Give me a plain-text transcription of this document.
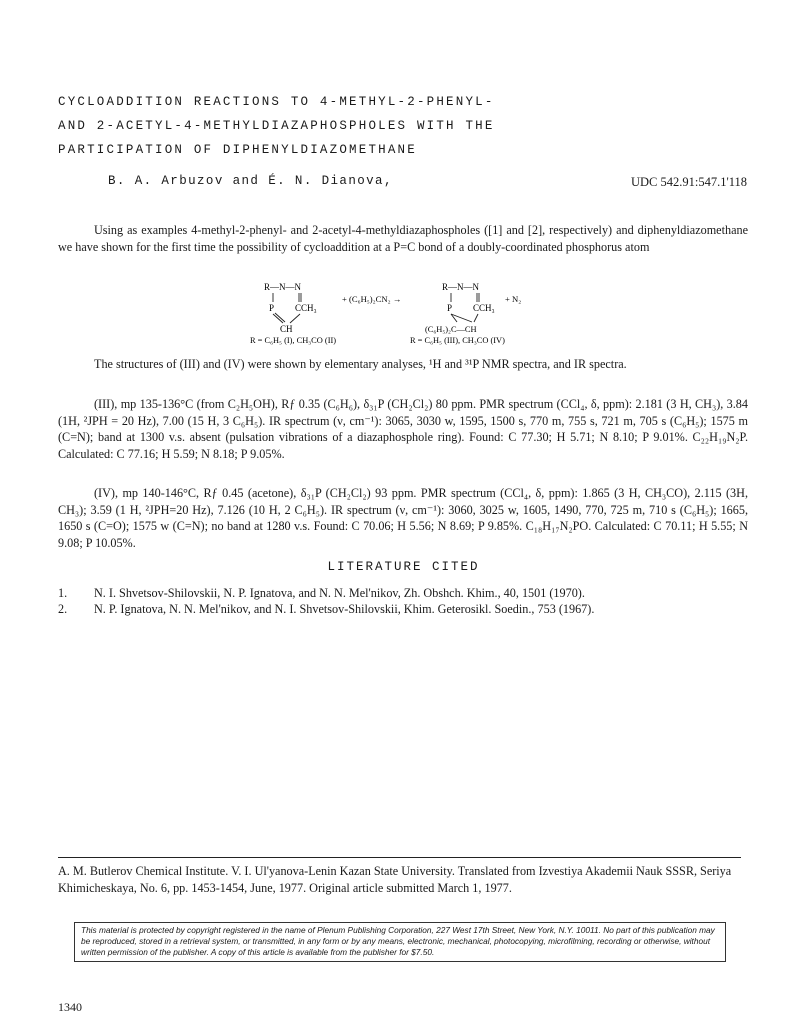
CYCLOADDITION REACTIONS TO 4-METHYL-2-PHENYL-
AND 2-ACETYL-4-METHYLDIAZAPHOSPHOLES WITH THE
PARTICIPATION OF DIPHENYLDIAZOMETHANE
B. A. Arbuzov and É. N. Dianova,	UDC 542.91:547.1'118
Using as examples 4-methyl-2-phenyl- and 2-acetyl-4-methyldiazaphospholes ([1] and [2], respectively) and diphenyldiazomethane we have shown for the first time the possibility of cycloaddition at a P=C bond of a doubly-coordinated phosphorus atom
R—N—N
P CCH₃
CH
+ (C₆H₅)₂CN₂ →
R—N—N
P CCH₃
(C₆H₅)₂C—CH
+ N₂
R = C₆H₅ (I), CH₃CO (II)	R = C₆H₅ (III), CH₃CO (IV)
The structures of (III) and (IV) were shown by elementary analyses, ¹H and ³¹P NMR spectra, and IR spectra.
(III), mp 135-136°C (from C₂H₅OH), Rƒ 0.35 (C₆H₆), δ₃₁P (CH₂Cl₂) 80 ppm. PMR spectrum (CCl₄, δ, ppm): 2.181 (3 H, CH₃), 3.84 (1H, ²JPH = 20 Hz), 7.00 (15 H, 3 C₆H₅). IR spectrum (ν, cm⁻¹): 3065, 3030 w, 1595, 1500 s, 770 m, 755 s, 721 m, 705 s (C₆H₅); 1575 m (C=N); band at 1300 v.s. absent (pulsation vibrations of a diazaphosphole ring). Found: C 77.30; H 5.71; N 8.10; P 9.01%. C₂₂H₁₉N₂P. Calculated: C 77.16; H 5.59; N 8.18; P 9.05%.
(IV), mp 140-146°C, Rƒ 0.45 (acetone), δ₃₁P (CH₂Cl₂) 93 ppm. PMR spectrum (CCl₄, δ, ppm): 1.865 (3 H, CH₃CO), 2.115 (3H, CH₃); 3.59 (1 H, ²JPH=20 Hz), 7.126 (10 H, 2 C₆H₅). IR spectrum (ν, cm⁻¹): 3060, 3025 w, 1605, 1490, 770, 725 m, 710 s (C₆H₅); 1665, 1650 s (C=O); 1575 w (C=N); no band at 1280 v.s. Found: C 70.06; H 5.56; N 8.69; P 9.85%. C₁₈H₁₇N₂PO. Calculated: C 70.11; H 5.55; N 9.08; P 10.05%.
LITERATURE CITED
1. N. I. Shvetsov-Shilovskii, N. P. Ignatova, and N. N. Mel'nikov, Zh. Obshch. Khim., 40, 1501 (1970).
2. N. P. Ignatova, N. N. Mel'nikov, and N. I. Shvetsov-Shilovskii, Khim. Geterosikl. Soedin., 753 (1967).
A. M. Butlerov Chemical Institute. V. I. Ul'yanova-Lenin Kazan State University. Translated from Izvestiya Akademii Nauk SSSR, Seriya Khimicheskaya, No. 6, pp. 1453-1454, June, 1977. Original article submitted March 1, 1977.
This material is protected by copyright registered in the name of Plenum Publishing Corporation, 227 West 17th Street, New York, N.Y. 10011. No part of this publication may be reproduced, stored in a retrieval system, or transmitted, in any form or by any means, electronic, mechanical, photocopying, microfilming, recording or otherwise, without written permission of the publisher. A copy of this article is available from the publisher for $7.50.
1340
